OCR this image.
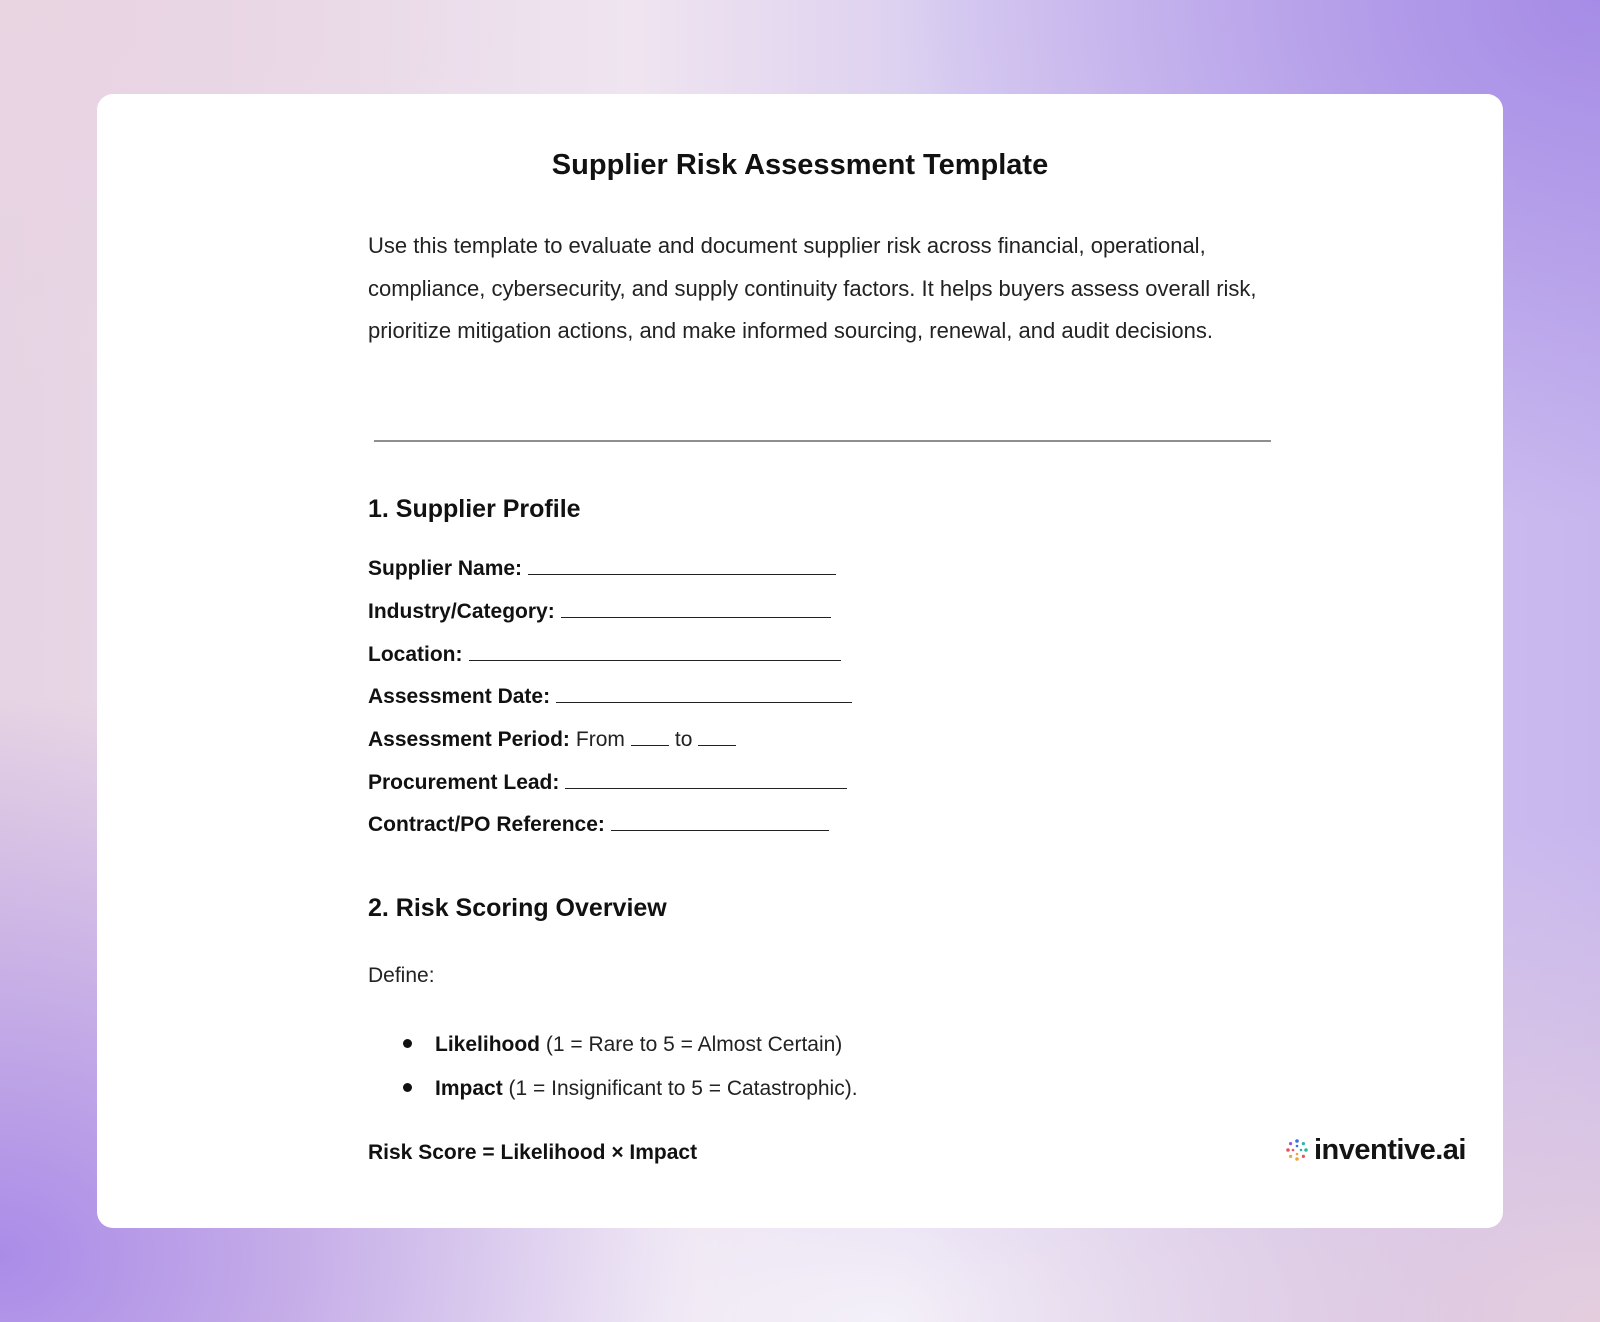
Supplier Risk Assessment Template

Use this template to evaluate and document supplier risk across financial, operational, compliance, cybersecurity, and supply continuity factors. It helps buyers assess overall risk, prioritize mitigation actions, and make informed sourcing, renewal, and audit decisions.

1. Supplier Profile
Supplier Name:
Industry/Category:
Location:
Assessment Date:
Assessment Period: From to
Procurement Lead:
Contract/PO Reference:
2. Risk Scoring Overview

Define:

Likelihood (1 = Rare to 5 = Almost Certain)
Impact (1 = Insignificant to 5 = Catastrophic).

Risk Score = Likelihood × Impact	inventive.ai
